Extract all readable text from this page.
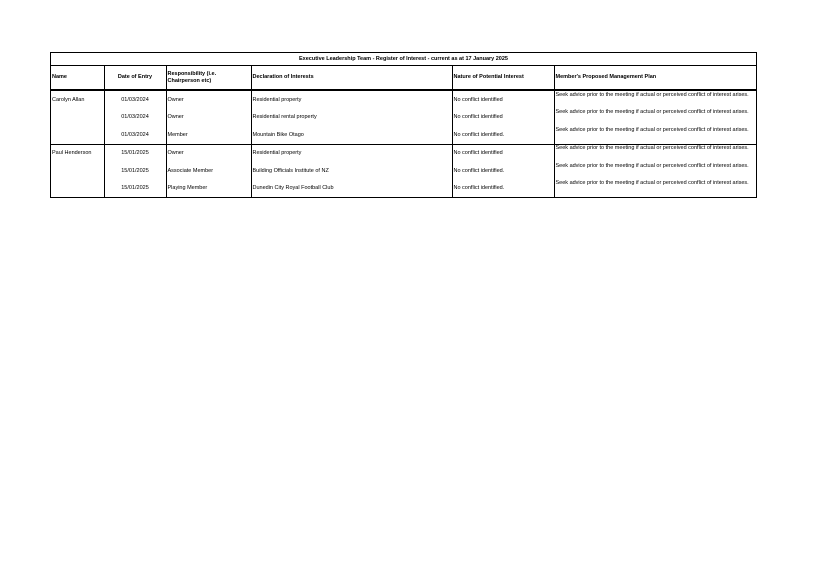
Executive Leadership Team - Register of Interest - current as at 17 January 2025					
Name	Date of Entry	Responsibility (i.e. Chairperson etc)	Declaration of Interests	Nature of Potential Interest	Member's Proposed Management Plan
Carolyn Allan	01/03/2024	Owner	Residential property	No conflict identified	Seek advice prior to the meeting if actual or perceived conflict of interest arises.
	01/03/2024	Owner	Residential rental property	No conflict identified	Seek advice prior to the meeting if actual or perceived conflict of interest arises.
	01/03/2024	Member	Mountain Bike Otago	No conflict identified.	Seek advice prior to the meeting if actual or perceived conflict of interest arises.
Paul Henderson	15/01/2025	Owner	Residential property	No conflict identified	Seek advice prior to the meeting if actual or perceived conflict of interest arises.
	15/01/2025	Associate Member	Building Officials Institute of NZ	No conflict identified.	Seek advice prior to the meeting if actual or perceived conflict of interest arises.
	15/01/2025	Playing Member	Dunedin City Royal Football Club	No conflict identified.	Seek advice prior to the meeting if actual or perceived conflict of interest arises.
